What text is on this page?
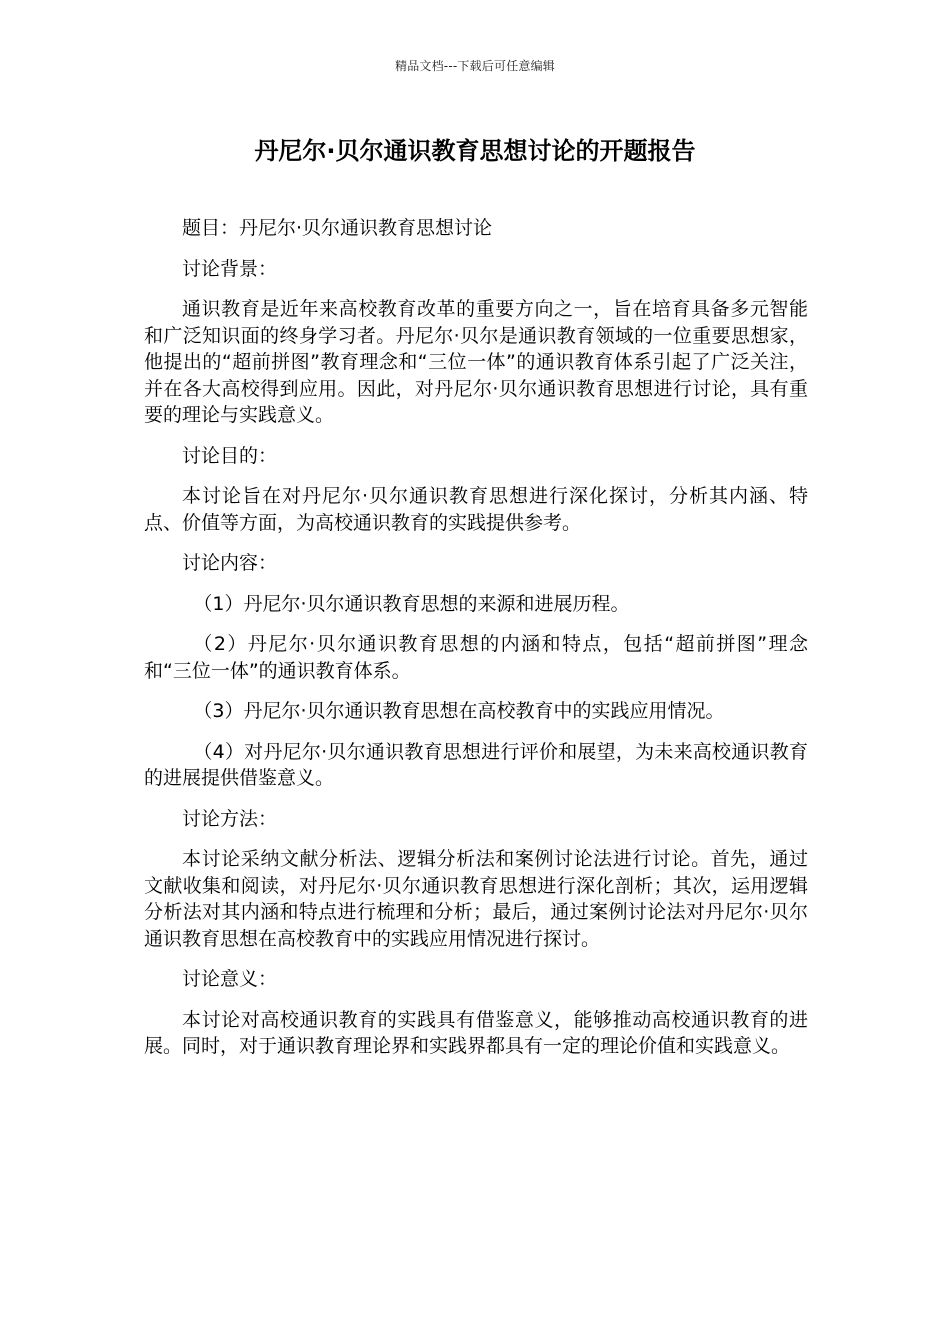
精品文档---下载后可任意编辑
丹尼尔·贝尔通识教育思想讨论的开题报告

题目：丹尼尔·贝尔通识教育思想讨论

讨论背景：

通识教育是近年来高校教育改革的重要方向之一，旨在培育具备多元智能和广泛知识面的终身学习者。丹尼尔·贝尔是通识教育领域的一位重要思想家，他提出的“超前拼图”教育理念和“三位一体”的通识教育体系引起了广泛关注，并在各大高校得到应用。因此，对丹尼尔·贝尔通识教育思想进行讨论，具有重要的理论与实践意义。

讨论目的：

本讨论旨在对丹尼尔·贝尔通识教育思想进行深化探讨，分析其内涵、特点、价值等方面，为高校通识教育的实践提供参考。

讨论内容：

（1）丹尼尔·贝尔通识教育思想的来源和进展历程。

（2）丹尼尔·贝尔通识教育思想的内涵和特点，包括“超前拼图”理念和“三位一体”的通识教育体系。

（3）丹尼尔·贝尔通识教育思想在高校教育中的实践应用情况。

（4）对丹尼尔·贝尔通识教育思想进行评价和展望，为未来高校通识教育的进展提供借鉴意义。

讨论方法：

本讨论采纳文献分析法、逻辑分析法和案例讨论法进行讨论。首先，通过文献收集和阅读，对丹尼尔·贝尔通识教育思想进行深化剖析；其次，运用逻辑分析法对其内涵和特点进行梳理和分析；最后，通过案例讨论法对丹尼尔·贝尔通识教育思想在高校教育中的实践应用情况进行探讨。

讨论意义：

本讨论对高校通识教育的实践具有借鉴意义，能够推动高校通识教育的进展。同时，对于通识教育理论界和实践界都具有一定的理论价值和实践意义。
